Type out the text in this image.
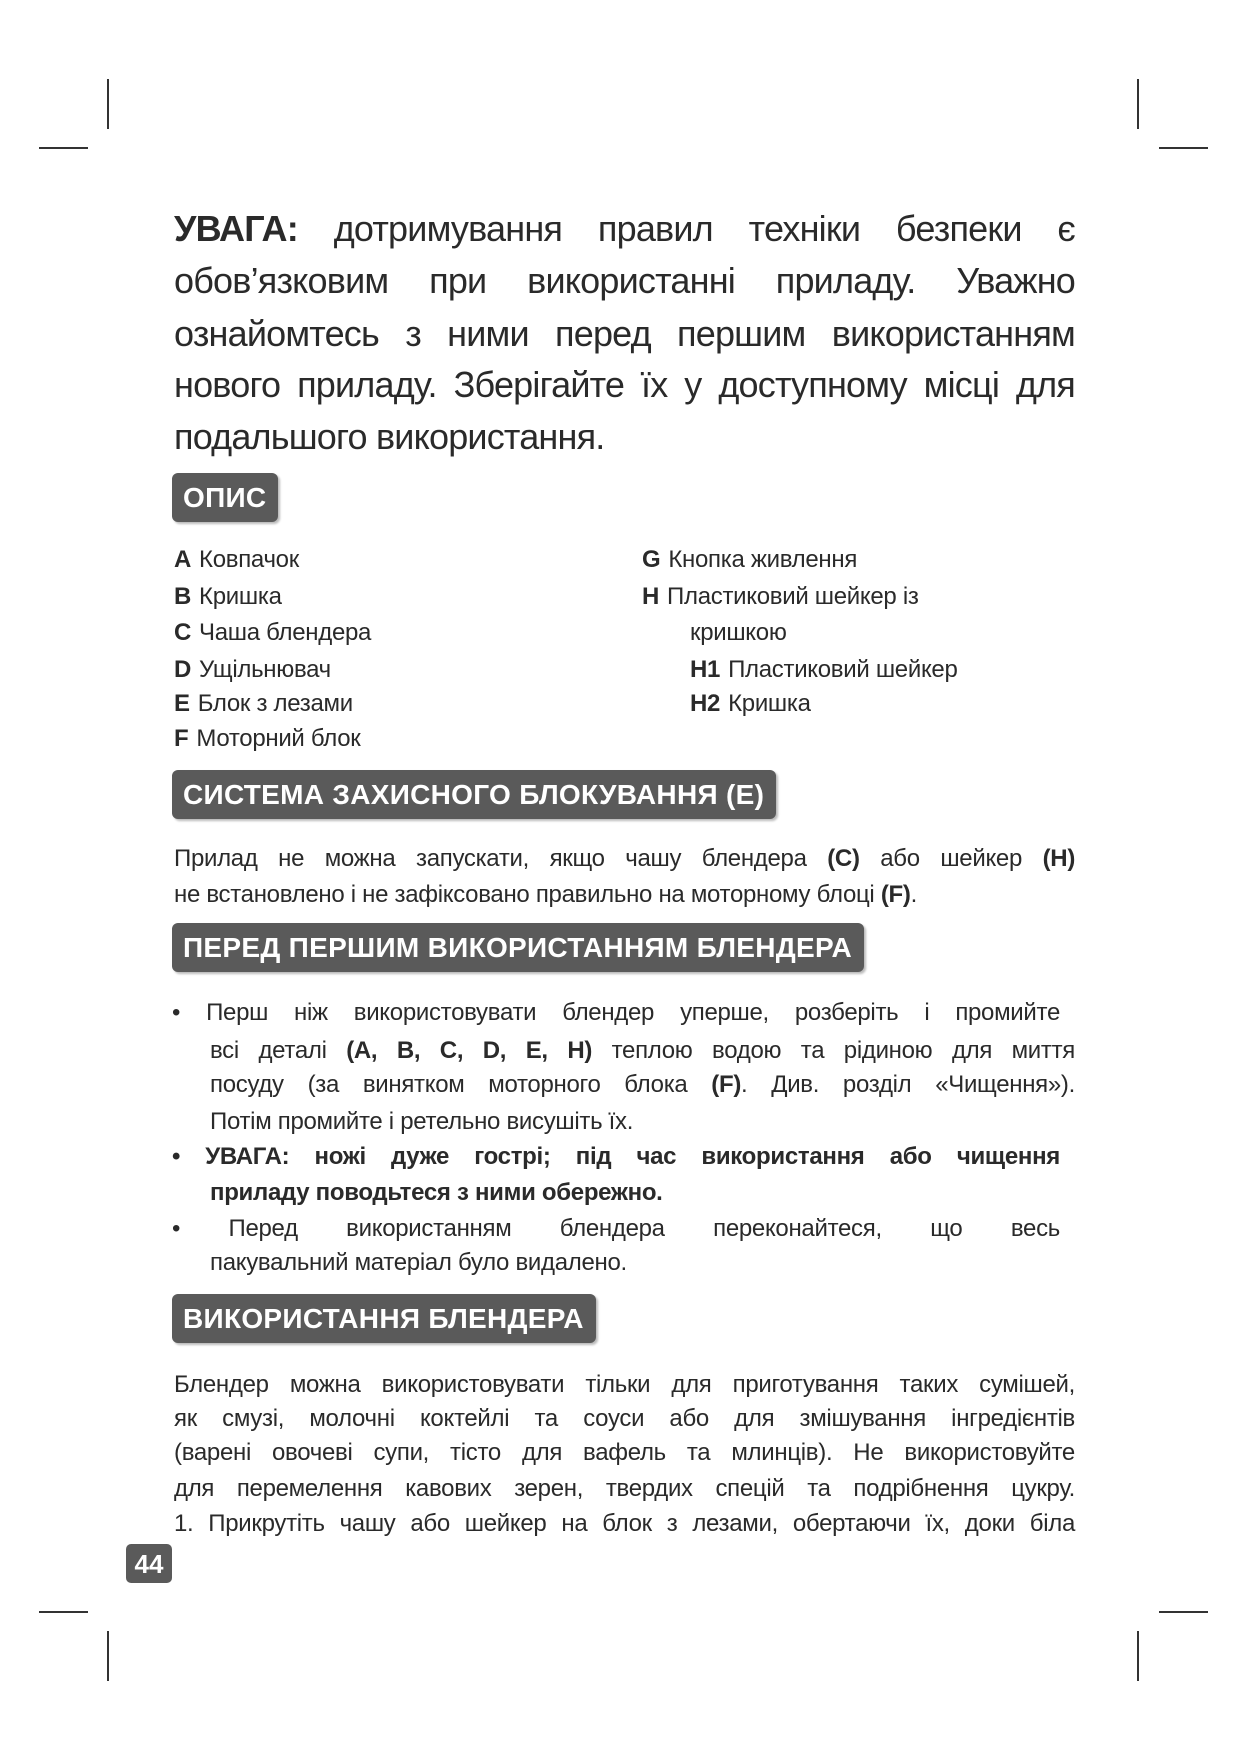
УВАГА: дотримування правил техніки безпеки є
обов’язковим при використанні приладу. Уважно
ознайомтесь з ними перед першим використанням
нового приладу. Зберігайте їх у доступному місці для
подальшого використання.
ОПИС
A Ковпачок
B Кришка
C Чаша блендера
D Ущільнювач
E Блок з лезами
F Моторний блок
G Кнопка живлення
H Пластиковий шейкер із
кришкою
H1 Пластиковий шейкер
H2 Кришка
СИСТЕМА ЗАХИСНОГО БЛОКУВАННЯ (E)
Прилад не можна запускати, якщо чашу блендера (C) або шейкер (H)
не встановлено і не зафіксовано правильно на моторному блоці (F).
ПЕРЕД ПЕРШИМ ВИКОРИСТАННЯМ БЛЕНДЕРА
• Перш ніж використовувати блендер уперше, розберіть і промийте
всі деталі (A, B, C, D, E, H) теплою водою та рідиною для миття
посуду (за винятком моторного блока (F). Див. розділ «Чищення»).
Потім промийте і ретельно висушіть їх.
• УВАГА: ножі дуже гострі; під час використання або чищення
приладу поводьтеся з ними обережно.
• Перед використанням блендера переконайтеся, що весь
пакувальний матеріал було видалено.
ВИКОРИСТАННЯ БЛЕНДЕРА
Блендер можна використовувати тільки для приготування таких сумішей,
як смузі, молочні коктейлі та соуси або для змішування інгредієнтів
(варені овочеві супи, тісто для вафель та млинців). Не використовуйте
для перемелення кавових зерен, твердих спецій та подрібнення цукру.
1. Прикрутіть чашу або шейкер на блок з лезами, обертаючи їх, доки біла
44
